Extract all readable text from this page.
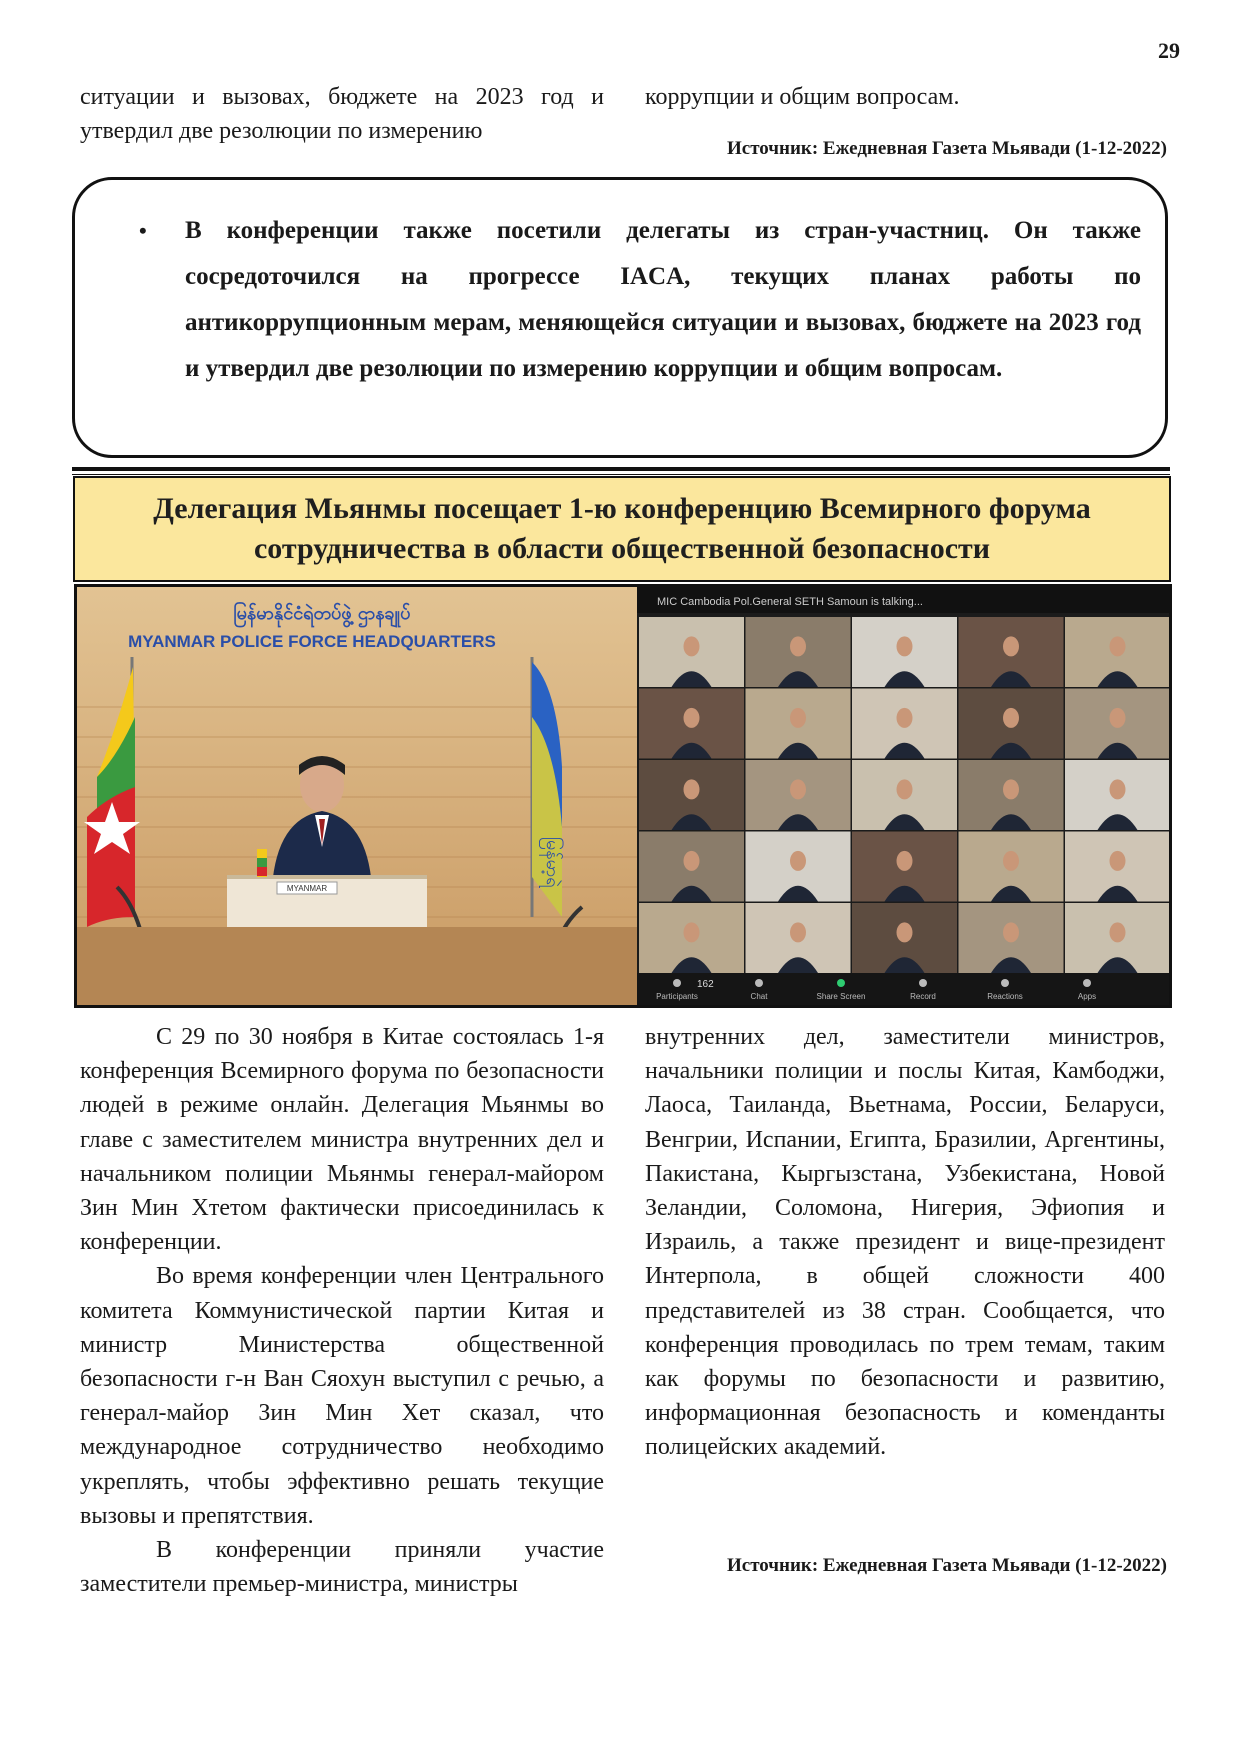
29

ситуации и вызовах, бюджете на 2023 год и утвердил две резолюции по измерению

коррупции и общим вопросам.

Источник: Ежедневная Газета Мьявади (1-12-2022)
• В конференции также посетили делегаты из стран-участниц. Он также сосредоточился на прогрессе IACA, текущих планах работы по антикоррупционным мерам, меняющейся ситуации и вызовах, бюджете на 2023 год и утвердил две резолюции по измерению коррупции и общим вопросам.
Делегация Мьянмы посещает 1-ю конференцию Всемирного форума сотрудничества в области общественной безопасности
မြန်မာနိုင်ငံရဲတပ်ဖွဲ့ ဌာနချုပ်
MYANMAR POLICE FORCE HEADQUARTERS
မြန်မာ့ရဲ
MYANMAR
MIC Cambodia Pol.General SETH Samoun is talking...
162
Participants	Chat	Share Screen	Record	Reactions	Apps

С 29 по 30 ноября в Китае состоялась 1-я конференция Всемирного форума по безопасности людей в режиме онлайн. Делегация Мьянмы во главе с заместителем министра внутренних дел и начальником полиции Мьянмы генерал-майором Зин Мин Хтетом фактически присоединилась к конференции.

Во время конференции член Центрального комитета Коммунистической партии Китая и министр Министерства общественной безопасности г-н Ван Сяохун выступил с речью, а генерал-майор Зин Мин Хет сказал, что международное сотрудничество необходимо укреплять, чтобы эффективно решать текущие вызовы и препятствия.

В конференции приняли участие заместители премьер-министра, министры

внутренних дел, заместители министров, начальники полиции и послы Китая, Камбоджи, Лаоса, Таиланда, Вьетнама, России, Беларуси, Венгрии, Испании, Египта, Бразилии, Аргентины, Пакистана, Кыргызстана, Узбекистана, Новой Зеландии, Соломона, Нигерия, Эфиопия и Израиль, а также президент и вице-президент Интерпола, в общей сложности 400 представителей из 38 стран. Сообщается, что конференция проводилась по трем темам, таким как форумы по безопасности и развитию, информационная безопасность и коменданты полицейских академий.

Источник: Ежедневная Газета Мьявади (1-12-2022)
